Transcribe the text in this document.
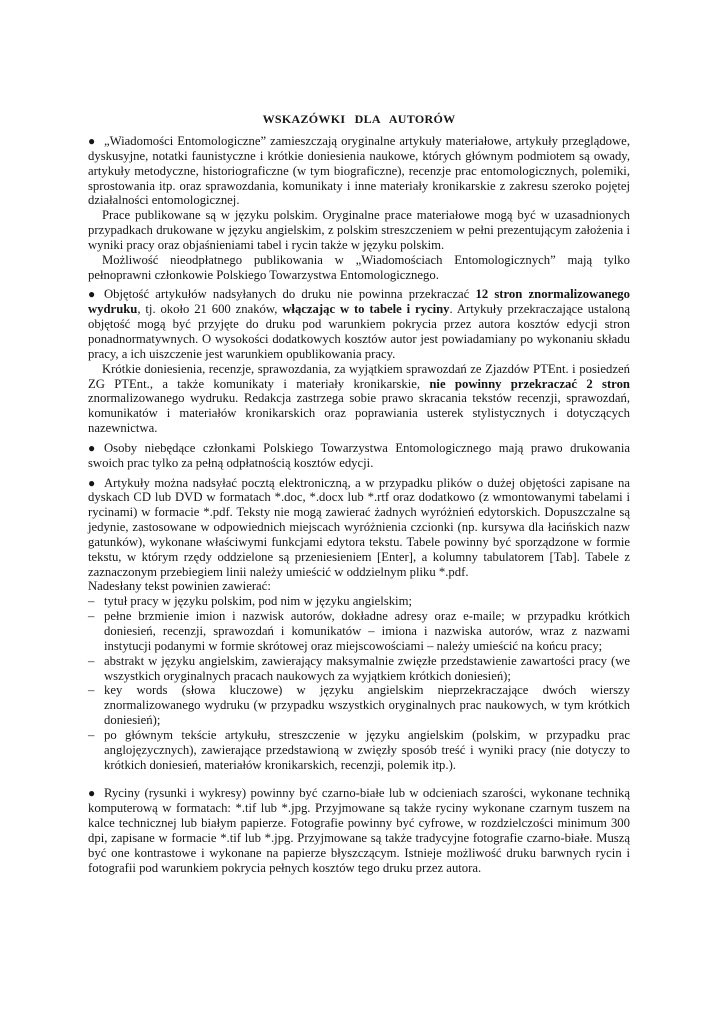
WSKAZÓWKI DLA AUTORÓW

● „Wiadomości Entomologiczne” zamieszczają oryginalne artykuły materiałowe, artykuły przeglądowe, dyskusyjne, notatki faunistyczne i krótkie doniesienia naukowe, których głównym podmiotem są owady, artykuły metodyczne, historiograficzne (w tym biograficzne), recenzje prac entomologicznych, polemiki, sprostowania itp. oraz sprawozdania, komunikaty i inne materiały kronikarskie z zakresu szeroko pojętej działalności entomologicznej.

Prace publikowane są w języku polskim. Oryginalne prace materiałowe mogą być w uzasadnionych przypadkach drukowane w języku angielskim, z polskim streszczeniem w pełni prezentującym założenia i wyniki pracy oraz objaśnieniami tabel i rycin także w języku polskim.

Możliwość nieodpłatnego publikowania w „Wiadomościach Entomologicznych” mają tylko pełnoprawni członkowie Polskiego Towarzystwa Entomologicznego.

● Objętość artykułów nadsyłanych do druku nie powinna przekraczać 12 stron znormalizowanego wydruku, tj. około 21 600 znaków, włączając w to tabele i ryciny. Artykuły przekraczające ustaloną objętość mogą być przyjęte do druku pod warunkiem pokrycia przez autora kosztów edycji stron ponadnormatywnych. O wysokości dodatkowych kosztów autor jest powiadamiany po wykonaniu składu pracy, a ich uiszczenie jest warunkiem opublikowania pracy.

Krótkie doniesienia, recenzje, sprawozdania, za wyjątkiem sprawozdań ze Zjazdów PTEnt. i posiedzeń ZG PTEnt., a także komunikaty i materiały kronikarskie, nie powinny przekraczać 2 stron znormalizowanego wydruku. Redakcja zastrzega sobie prawo skracania tekstów recenzji, sprawozdań, komunikatów i materiałów kronikarskich oraz poprawiania usterek stylistycznych i dotyczących nazewnictwa.

● Osoby niebędące członkami Polskiego Towarzystwa Entomologicznego mają prawo drukowania swoich prac tylko za pełną odpłatnością kosztów edycji.

● Artykuły można nadsyłać pocztą elektroniczną, a w przypadku plików o dużej objętości zapisane na dyskach CD lub DVD w formatach *.doc, *.docx lub *.rtf oraz dodatkowo (z wmontowanymi tabelami i rycinami) w formacie *.pdf. Teksty nie mogą zawierać żadnych wyróżnień edytorskich. Dopuszczalne są jedynie, zastosowane w odpowiednich miejscach wyróżnienia czcionki (np. kursywa dla łacińskich nazw gatunków), wykonane właściwymi funkcjami edytora tekstu. Tabele powinny być sporządzone w formie tekstu, w którym rzędy oddzielone są przeniesieniem [Enter], a kolumny tabulatorem [Tab]. Tabele z zaznaczonym przebiegiem linii należy umieścić w oddzielnym pliku *.pdf.

Nadesłany tekst powinien zawierać:

– tytuł pracy w języku polskim, pod nim w języku angielskim;
– pełne brzmienie imion i nazwisk autorów, dokładne adresy oraz e-maile; w przypadku krótkich doniesień, recenzji, sprawozdań i komunikatów – imiona i nazwiska autorów, wraz z nazwami instytucji podanymi w formie skrótowej oraz miejscowościami – należy umieścić na końcu pracy;
– abstrakt w języku angielskim, zawierający maksymalnie zwięzłe przedstawienie zawartości pracy (we wszystkich oryginalnych pracach naukowych za wyjątkiem krótkich doniesień);
– key words (słowa kluczowe) w języku angielskim nieprzekraczające dwóch wierszy znormalizowanego wydruku (w przypadku wszystkich oryginalnych prac naukowych, w tym krótkich doniesień);
– po głównym tekście artykułu, streszczenie w języku angielskim (polskim, w przypadku prac anglojęzycznych), zawierające przedstawioną w zwięzły sposób treść i wyniki pracy (nie dotyczy to krótkich doniesień, materiałów kronikarskich, recenzji, polemik itp.).

● Ryciny (rysunki i wykresy) powinny być czarno-białe lub w odcieniach szarości, wykonane techniką komputerową w formatach: *.tif lub *.jpg. Przyjmowane są także ryciny wykonane czarnym tuszem na kalce technicznej lub białym papierze. Fotografie powinny być cyfrowe, w rozdzielczości minimum 300 dpi, zapisane w formacie *.tif lub *.jpg. Przyjmowane są także tradycyjne fotografie czarno-białe. Muszą być one kontrastowe i wykonane na papierze błyszczącym. Istnieje możliwość druku barwnych rycin i fotografii pod warunkiem pokrycia pełnych kosztów tego druku przez autora.
